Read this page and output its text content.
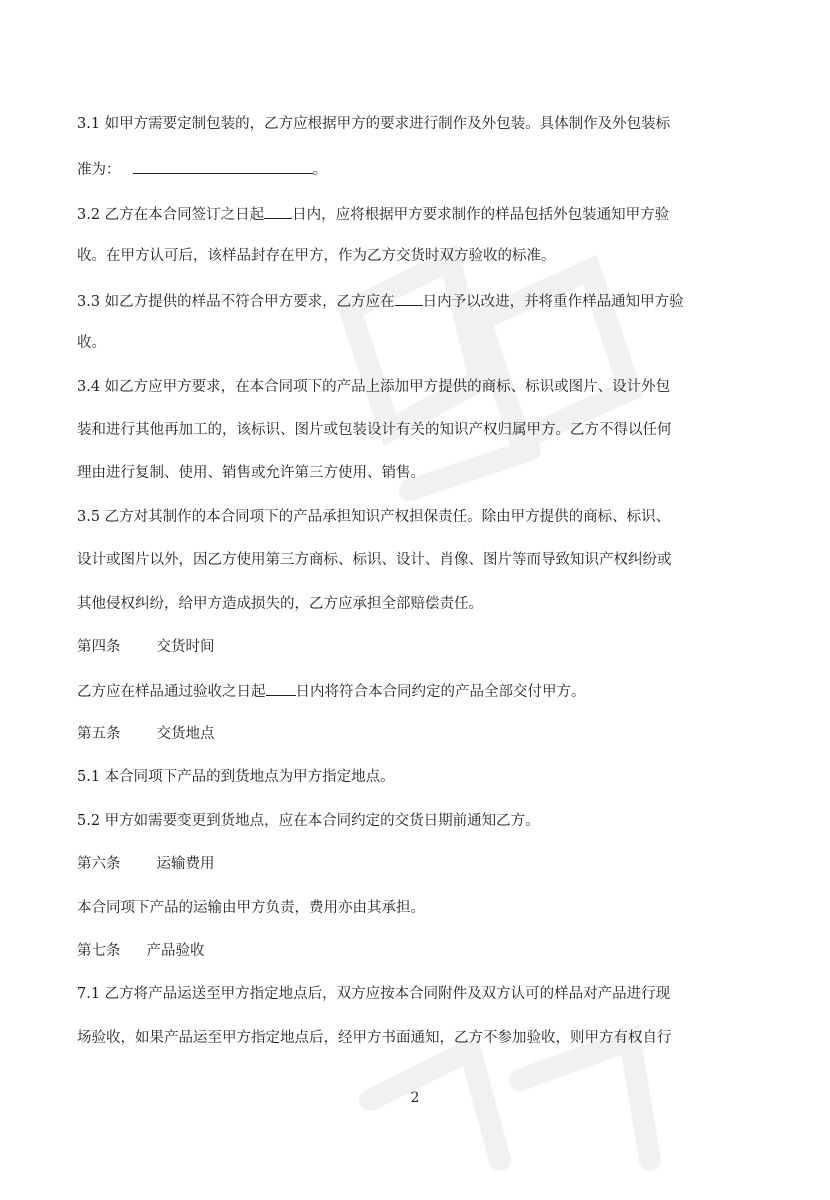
3.1 如甲方需要定制包装的，乙方应根据甲方的要求进行制作及外包装。具体制作及外包装标
准为：	。
3.2 乙方在本合同签订之日起 日内，应将根据甲方要求制作的样品包括外包装通知甲方验
收。在甲方认可后，该样品封存在甲方，作为乙方交货时双方验收的标准。
3.3 如乙方提供的样品不符合甲方要求，乙方应在 日内予以改进，并将重作样品通知甲方验
收。
3.4 如乙方应甲方要求，在本合同项下的产品上添加甲方提供的商标、标识或图片、设计外包
装和进行其他再加工的，该标识、图片或包装设计有关的知识产权归属甲方。乙方不得以任何
理由进行复制、使用、销售或允许第三方使用、销售。
3.5 乙方对其制作的本合同项下的产品承担知识产权担保责任。除由甲方提供的商标、标识、
设计或图片以外，因乙方使用第三方商标、标识、设计、肖像、图片等而导致知识产权纠纷或
其他侵权纠纷，给甲方造成损失的，乙方应承担全部赔偿责任。
第四条 交货时间
乙方应在样品通过验收之日起 日内将符合本合同约定的产品全部交付甲方。
第五条 交货地点
5.1 本合同项下产品的到货地点为甲方指定地点。
5.2 甲方如需要变更到货地点，应在本合同约定的交货日期前通知乙方。
第六条 运输费用
本合同项下产品的运输由甲方负责，费用亦由其承担。
第七条 产品验收
7.1 乙方将产品运送至甲方指定地点后，双方应按本合同附件及双方认可的样品对产品进行现
场验收，如果产品运至甲方指定地点后，经甲方书面通知，乙方不参加验收，则甲方有权自行
2
